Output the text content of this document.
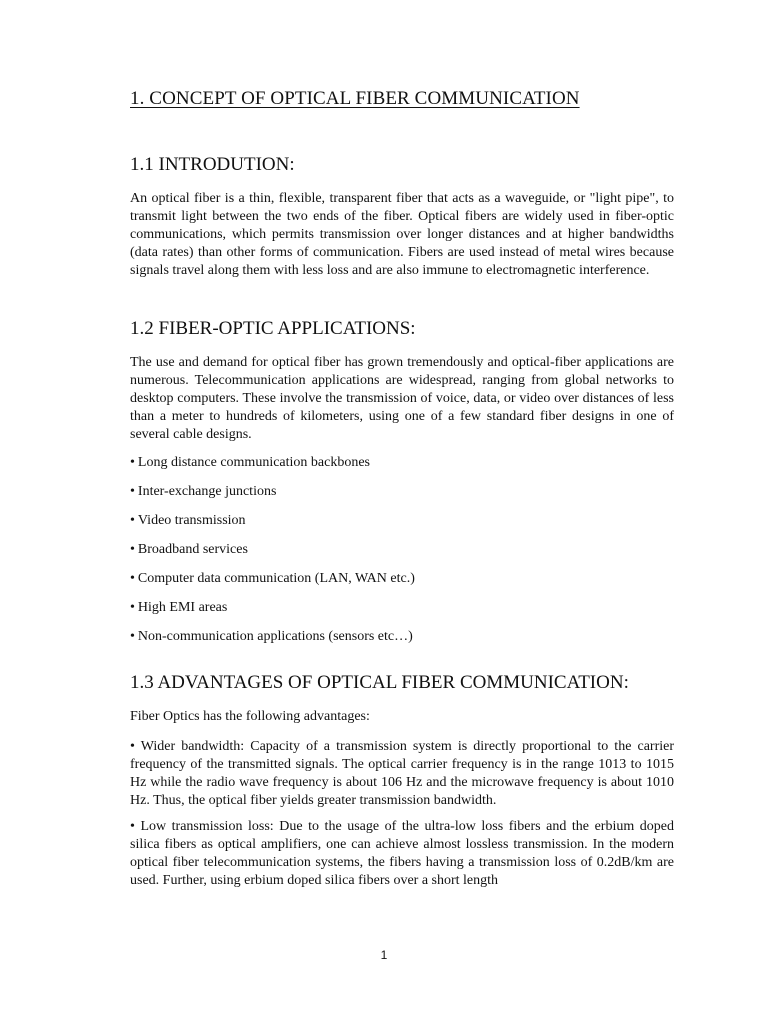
1. CONCEPT OF OPTICAL FIBER COMMUNICATION
1.1 INTRODUTION:

An optical fiber is a thin, flexible, transparent fiber that acts as a waveguide, or "light pipe", to transmit light between the two ends of the fiber. Optical fibers are widely used in fiber-optic communications, which permits transmission over longer distances and at higher bandwidths (data rates) than other forms of communication. Fibers are used instead of metal wires because signals travel along them with less loss and are also immune to electromagnetic interference.

1.2 FIBER-OPTIC APPLICATIONS:

The use and demand for optical fiber has grown tremendously and optical-fiber applications are numerous. Telecommunication applications are widespread, ranging from global networks to desktop computers. These involve the transmission of voice, data, or video over distances of less than a meter to hundreds of kilometers, using one of a few standard fiber designs in one of several cable designs.

• Long distance communication backbones
• Inter-exchange junctions
• Video transmission
• Broadband services
• Computer data communication (LAN, WAN etc.)
• High EMI areas
• Non-communication applications (sensors etc…)
1.3 ADVANTAGES OF OPTICAL FIBER COMMUNICATION:

Fiber Optics has the following advantages:

• Wider bandwidth: Capacity of a transmission system is directly proportional to the carrier frequency of the transmitted signals. The optical carrier frequency is in the range 1013 to 1015 Hz while the radio wave frequency is about 106 Hz and the microwave frequency is about 1010 Hz. Thus, the optical fiber yields greater transmission bandwidth.

• Low transmission loss: Due to the usage of the ultra-low loss fibers and the erbium doped silica fibers as optical amplifiers, one can achieve almost lossless transmission. In the modern optical fiber telecommunication systems, the fibers having a transmission loss of 0.2dB/km are used. Further, using erbium doped silica fibers over a short length

1
